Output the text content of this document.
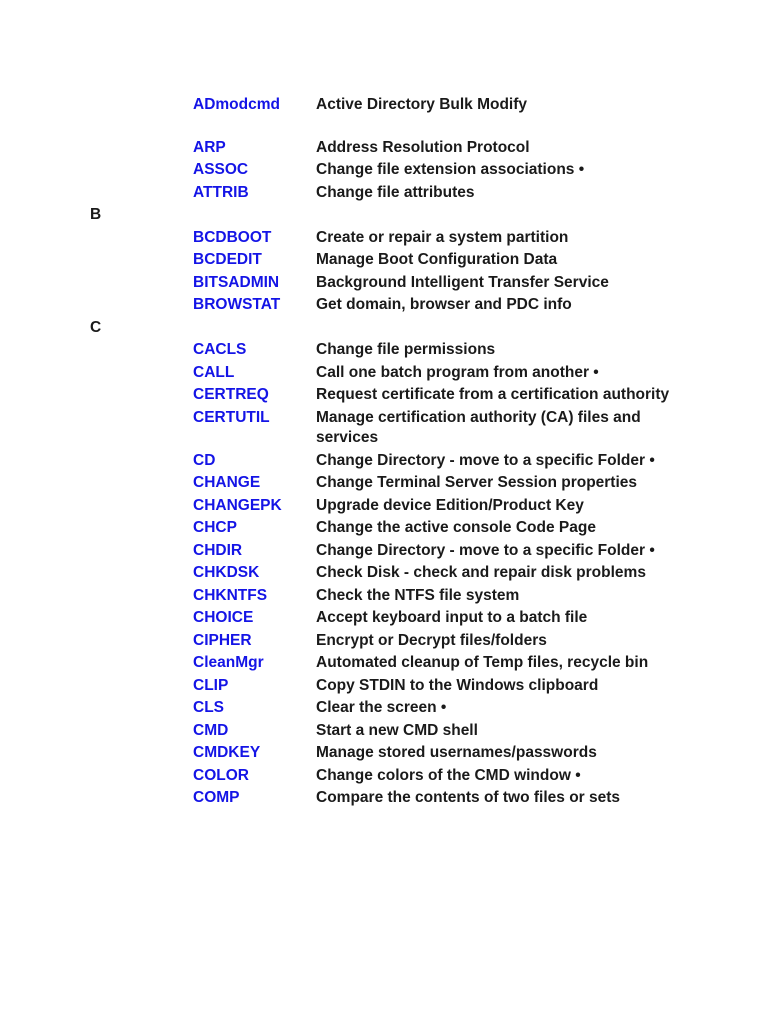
ADmodcmd	Active Directory Bulk Modify
ARP	Address Resolution Protocol
ASSOC	Change file extension associations •
ATTRIB	Change file attributes
B
BCDBOOT	Create or repair a system partition
BCDEDIT	Manage Boot Configuration Data
BITSADMIN	Background Intelligent Transfer Service
BROWSTAT	Get domain, browser and PDC info
C
CACLS	Change file permissions
CALL	Call one batch program from another •
CERTREQ	Request certificate from a certification authority
CERTUTIL	Manage certification authority (CA) files and services
CD	Change Directory - move to a specific Folder •
CHANGE	Change Terminal Server Session properties
CHANGEPK	Upgrade device Edition/Product Key
CHCP	Change the active console Code Page
CHDIR	Change Directory - move to a specific Folder •
CHKDSK	Check Disk - check and repair disk problems
CHKNTFS	Check the NTFS file system
CHOICE	Accept keyboard input to a batch file
CIPHER	Encrypt or Decrypt files/folders
CleanMgr	Automated cleanup of Temp files, recycle bin
CLIP	Copy STDIN to the Windows clipboard
CLS	Clear the screen •
CMD	Start a new CMD shell
CMDKEY	Manage stored usernames/passwords
COLOR	Change colors of the CMD window •
COMP	Compare the contents of two files or sets
